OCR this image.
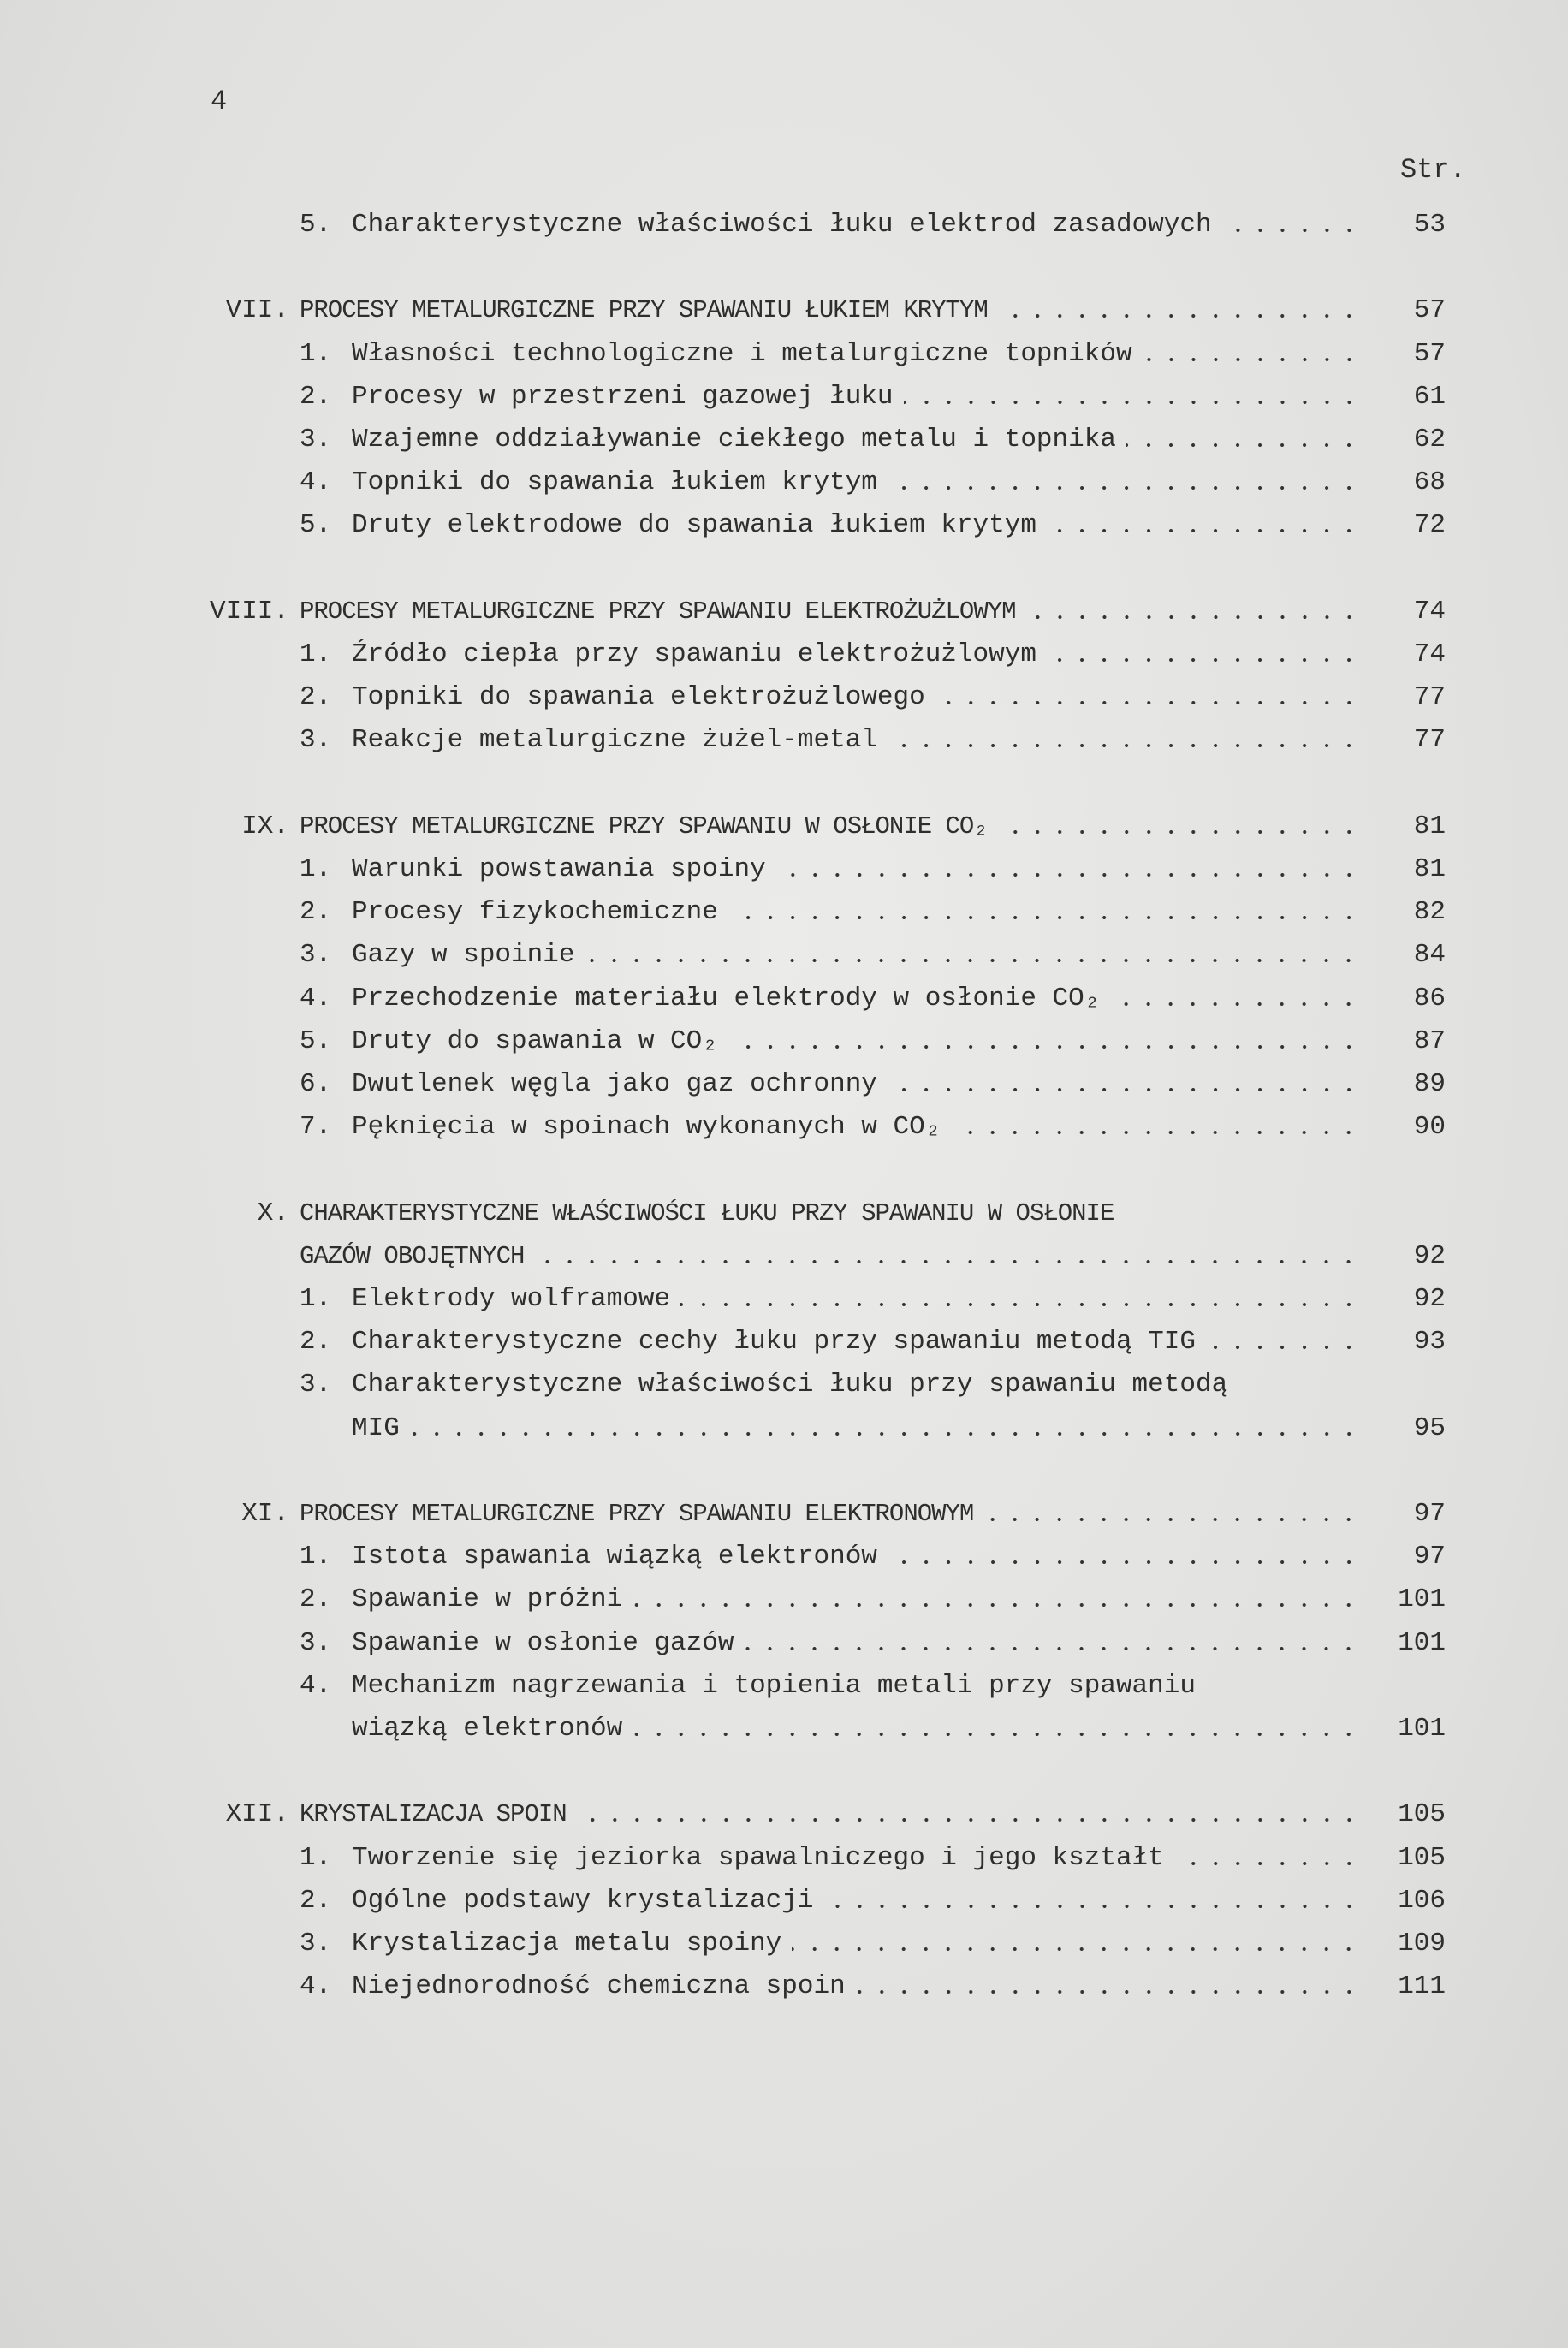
4
Str.
5. Charakterystyczne właściwości łuku elektrod zasadowych	53
VII. PROCESY METALURGICZNE PRZY SPAWANIU ŁUKIEM KRYTYM	57
1. Własności technologiczne i metalurgiczne topników	57
2. Procesy w przestrzeni gazowej łuku	61
3. Wzajemne oddziaływanie ciekłego metalu i topnika	62
4. Topniki do spawania łukiem krytym	68
5. Druty elektrodowe do spawania łukiem krytym	72
VIII. PROCESY METALURGICZNE PRZY SPAWANIU ELEKTROŻUŻLOWYM	74
1. Źródło ciepła przy spawaniu elektrożużlowym	74
2. Topniki do spawania elektrożużlowego	77
3. Reakcje metalurgiczne żużel-metal	77
IX. PROCESY METALURGICZNE PRZY SPAWANIU W OSŁONIE CO₂	81
1. Warunki powstawania spoiny	81
2. Procesy fizykochemiczne	82
3. Gazy w spoinie	84
4. Przechodzenie materiału elektrody w osłonie CO₂	86
5. Druty do spawania w CO₂	87
6. Dwutlenek węgla jako gaz ochronny	89
7. Pęknięcia w spoinach wykonanych w CO₂	90
X. CHARAKTERYSTYCZNE WŁAŚCIWOŚCI ŁUKU PRZY SPAWANIU W OSŁONIE
GAZÓW OBOJĘTNYCH	92
1. Elektrody wolframowe	92
2. Charakterystyczne cechy łuku przy spawaniu metodą TIG	93
3. Charakterystyczne właściwości łuku przy spawaniu metodą
MIG	95
XI. PROCESY METALURGICZNE PRZY SPAWANIU ELEKTRONOWYM	97
1. Istota spawania wiązką elektronów	97
2. Spawanie w próżni	101
3. Spawanie w osłonie gazów	101
4. Mechanizm nagrzewania i topienia metali przy spawaniu
wiązką elektronów	101
XII. KRYSTALIZACJA SPOIN	105
1. Tworzenie się jeziorka spawalniczego i jego kształt	105
2. Ogólne podstawy krystalizacji	106
3. Krystalizacja metalu spoiny	109
4. Niejednorodność chemiczna spoin	111
